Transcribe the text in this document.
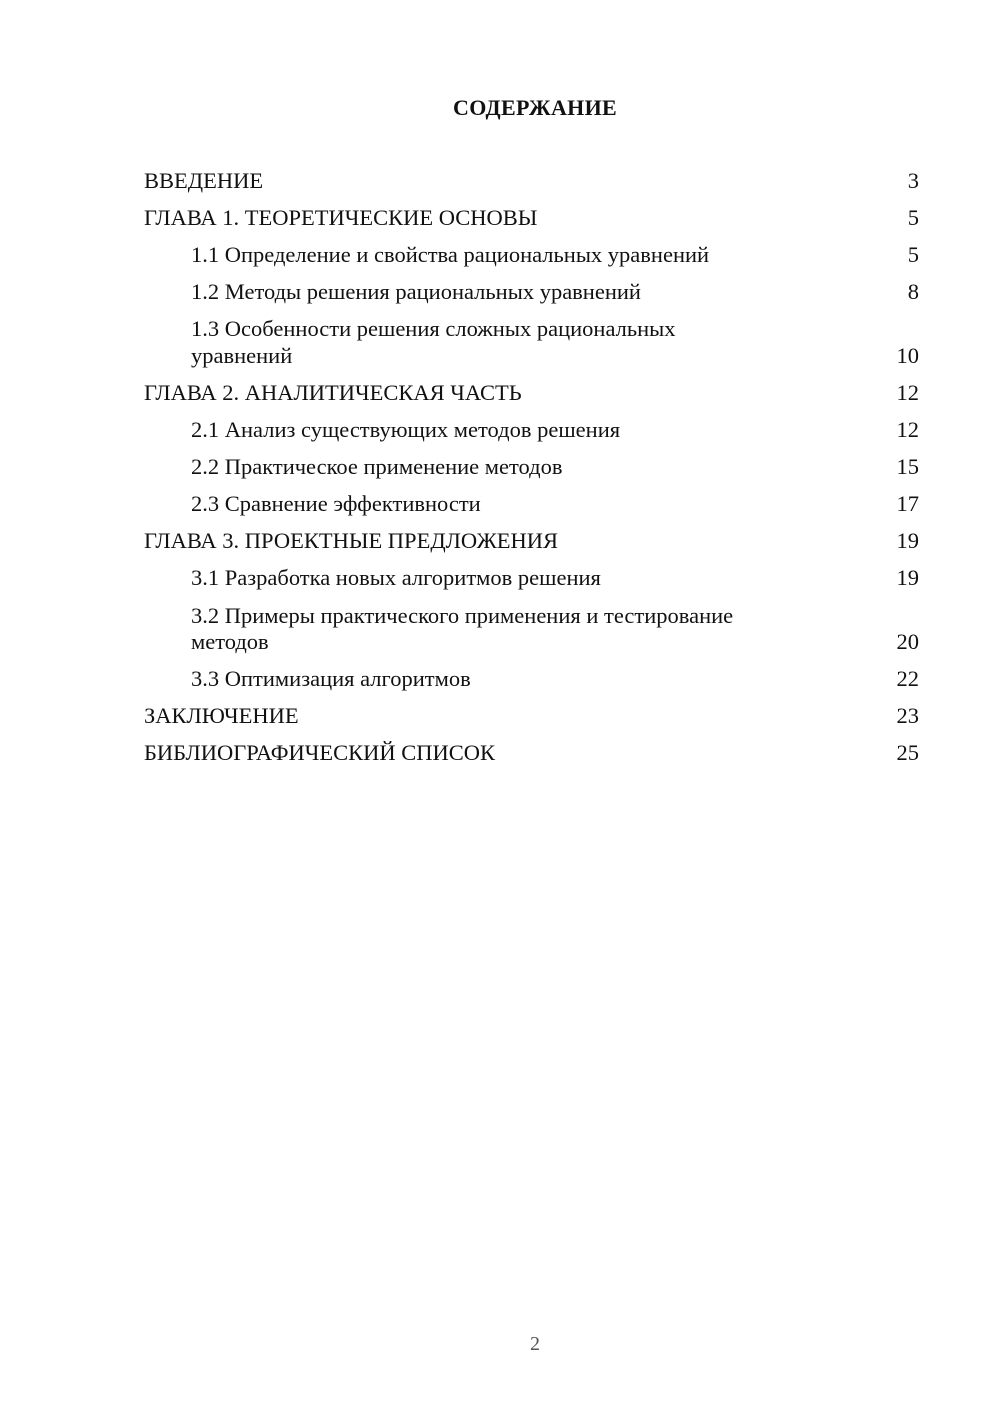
СОДЕРЖАНИЕ
ВВЕДЕНИЕ	3
ГЛАВА 1. ТЕОРЕТИЧЕСКИЕ ОСНОВЫ	5
1.1 Определение и свойства рациональных уравнений	5
1.2 Методы решения рациональных уравнений	8
1.3 Особенности решения сложных рациональных уравнений	10
ГЛАВА 2. АНАЛИТИЧЕСКАЯ ЧАСТЬ	12
2.1 Анализ существующих методов решения	12
2.2 Практическое применение методов	15
2.3 Сравнение эффективности	17
ГЛАВА 3. ПРОЕКТНЫЕ ПРЕДЛОЖЕНИЯ	19
3.1 Разработка новых алгоритмов решения	19
3.2 Примеры практического применения и тестирование методов	20
3.3 Оптимизация алгоритмов	22
ЗАКЛЮЧЕНИЕ	23
БИБЛИОГРАФИЧЕСКИЙ СПИСОК	25
2
